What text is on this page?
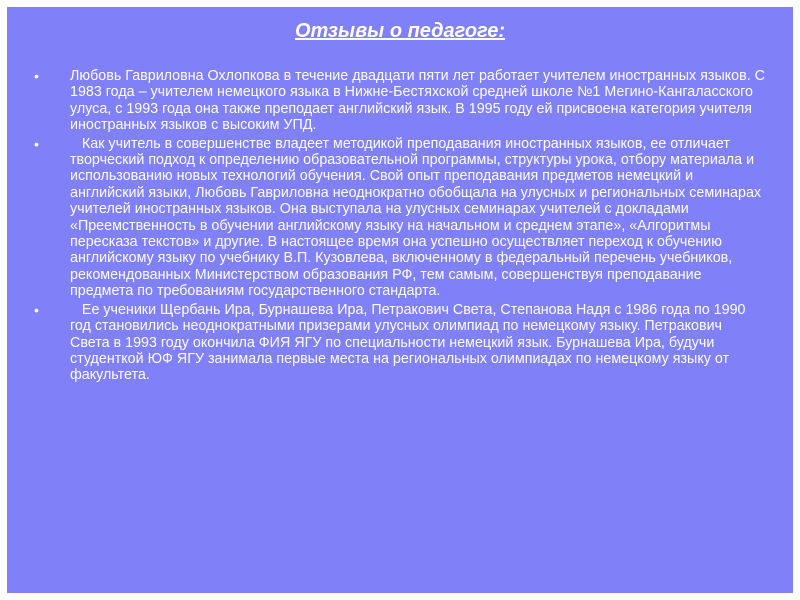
Отзывы о педагоге:
• Любовь Гавриловна Охлопкова в течение двадцати пяти лет работает учителем иностранных языков. С 1983 года – учителем немецкого языка в Нижне-Бестяхской средней школе №1 Мегино-Кангаласского улуса, с 1993 года она также преподает английский язык. В 1995 году ей присвоена категория учителя иностранных языков с высоким УПД.
• Как учитель в совершенстве владеет методикой преподавания иностранных языков, ее отличает творческий подход к определению образовательной программы, структуры урока, отбору материала и использованию новых технологий обучения. Свой опыт преподавания предметов немецкий и английский языки, Любовь Гавриловна неоднократно обобщала на улусных и региональных семинарах учителей иностранных языков. Она выступала на улусных семинарах учителей с докладами «Преемственность в обучении английскому языку на начальном и среднем этапе», «Алгоритмы пересказа текстов» и другие. В настоящее время она успешно осуществляет переход к обучению английскому языку по учебнику В.П. Кузовлева, включенному в федеральный перечень учебников, рекомендованных Министерством образования РФ, тем самым, совершенствуя преподавание предмета по требованиям государственного стандарта.
• Ее ученики Щербань Ира, Бурнашева Ира, Петракович Света, Степанова Надя с 1986 года по 1990 год становились неоднократными призерами улусных олимпиад по немецкому языку. Петракович Света в 1993 году окончила ФИЯ ЯГУ по специальности немецкий язык. Бурнашева Ира, будучи студенткой ЮФ ЯГУ занимала первые места на региональных олимпиадах по немецкому языку от факультета.
